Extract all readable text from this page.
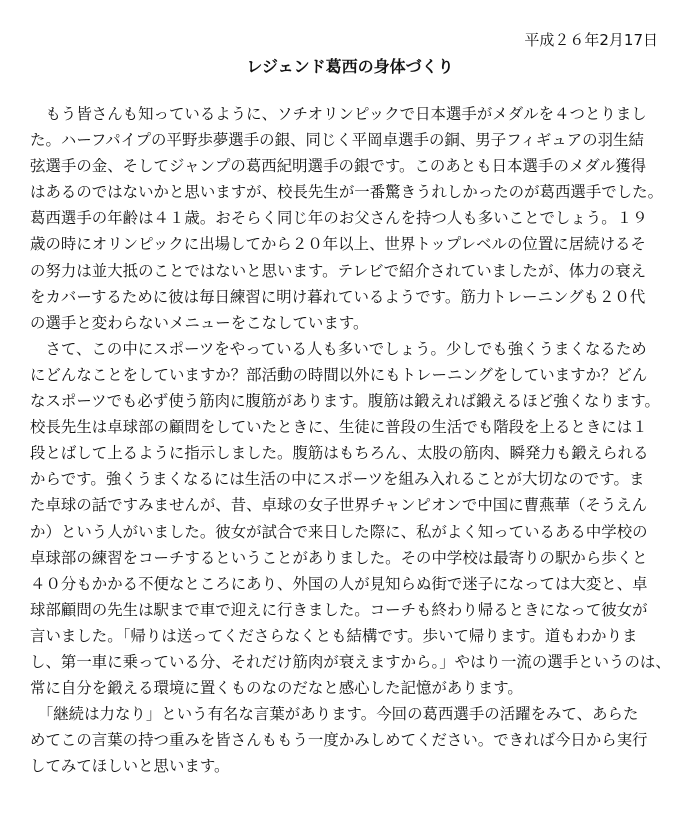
平成２６年2月17日
レジェンド葛西の身体づくり

　もう皆さんも知っているように、ソチオリンピックで日本選手がメダルを４つとりまし

た。ハーフパイプの平野歩夢選手の銀、同じく平岡卓選手の銅、男子フィギュアの羽生結

弦選手の金、そしてジャンプの葛西紀明選手の銀です。このあとも日本選手のメダル獲得

はあるのではないかと思いますが、校長先生が一番驚きうれしかったのが葛西選手でした。

葛西選手の年齢は４１歳。おそらく同じ年のお父さんを持つ人も多いことでしょう。１９

歳の時にオリンピックに出場してから２０年以上、世界トップレベルの位置に居続けるそ

の努力は並大抵のことではないと思います。テレビで紹介されていましたが、体力の衰え

をカバーするために彼は毎日練習に明け暮れているようです。筋力トレーニングも２０代

の選手と変わらないメニューをこなしています。

　さて、この中にスポーツをやっている人も多いでしょう。少しでも強くうまくなるため

にどんなことをしていますか？部活動の時間以外にもトレーニングをしていますか？どん

なスポーツでも必ず使う筋肉に腹筋があります。腹筋は鍛えれば鍛えるほど強くなります。

校長先生は卓球部の顧問をしていたときに、生徒に普段の生活でも階段を上るときには１

段とばして上るように指示しました。腹筋はもちろん、太股の筋肉、瞬発力も鍛えられる

からです。強くうまくなるには生活の中にスポーツを組み入れることが大切なのです。ま

た卓球の話ですみませんが、昔、卓球の女子世界チャンピオンで中国に曹燕華（そうえん

か）という人がいました。彼女が試合で来日した際に、私がよく知っているある中学校の

卓球部の練習をコーチするということがありました。その中学校は最寄りの駅から歩くと

４０分もかかる不便なところにあり、外国の人が見知らぬ街で迷子になっては大変と、卓

球部顧問の先生は駅まで車で迎えに行きました。コーチも終わり帰るときになって彼女が

言いました。「帰りは送ってくださらなくとも結構です。歩いて帰ります。道もわかりま

し、第一車に乗っている分、それだけ筋肉が衰えますから。」やはり一流の選手というのは、

常に自分を鍛える環境に置くものなのだなと感心した記憶があります。

　「継続は力なり」という有名な言葉があります。今回の葛西選手の活躍をみて、あらた

めてこの言葉の持つ重みを皆さんももう一度かみしめてください。できれば今日から実行

してみてほしいと思います。
